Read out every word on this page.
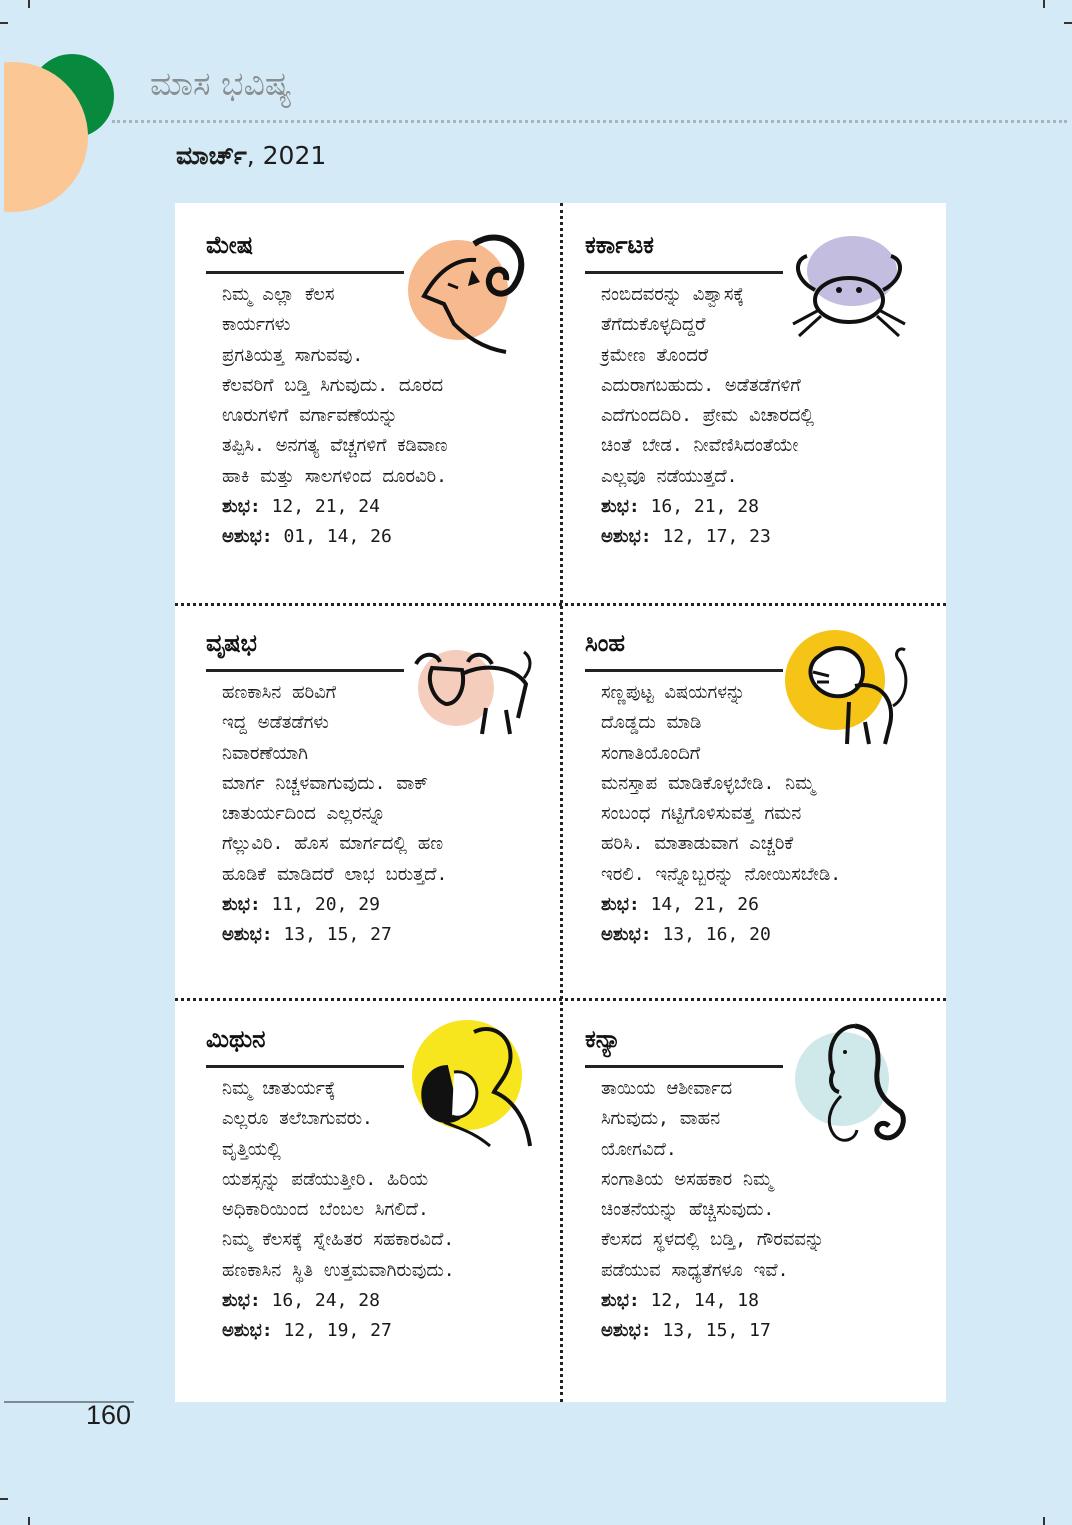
ಮಾಸ ಭವಿಷ್ಯ

ಮಾರ್ಚ್, 2021

ಮೇಷ

ನಿಮ್ಮ ಎಲ್ಲಾ ಕೆಲಸ

ಕಾರ್ಯಗಳು

ಪ್ರಗತಿಯತ್ತ ಸಾಗುವವು.

ಕೆಲವರಿಗೆ ಬಡ್ತಿ ಸಿಗುವುದು. ದೂರದ

ಊರುಗಳಿಗೆ ವರ್ಗಾವಣೆಯನ್ನು

ತಪ್ಪಿಸಿ. ಅನಗತ್ಯ ವೆಚ್ಚಗಳಿಗೆ ಕಡಿವಾಣ

ಹಾಕಿ ಮತ್ತು ಸಾಲಗಳಿಂದ ದೂರವಿರಿ.

ಶುಭ: 12, 21, 24

ಅಶುಭ: 01, 14, 26

ಕರ್ಕಾಟಕ

ನಂಬಿದವರನ್ನು ವಿಶ್ವಾಸಕ್ಕೆ

ತೆಗೆದುಕೊಳ್ಳದಿದ್ದರೆ

ಕ್ರಮೇಣ ತೊಂದರೆ

ಎದುರಾಗಬಹುದು. ಅಡೆತಡೆಗಳಿಗೆ

ಎದೆಗುಂದದಿರಿ. ಪ್ರೇಮ ವಿಚಾರದಲ್ಲಿ

ಚಿಂತೆ ಬೇಡ. ನೀವೆಣಿಸಿದಂತೆಯೇ

ಎಲ್ಲವೂ ನಡೆಯುತ್ತದೆ.

ಶುಭ: 16, 21, 28

ಅಶುಭ: 12, 17, 23

ವೃಷಭ

ಹಣಕಾಸಿನ ಹರಿವಿಗೆ

ಇದ್ದ ಅಡೆತಡೆಗಳು

ನಿವಾರಣೆಯಾಗಿ

ಮಾರ್ಗ ನಿಚ್ಚಳವಾಗುವುದು. ವಾಕ್

ಚಾತುರ್ಯದಿಂದ ಎಲ್ಲರನ್ನೂ

ಗೆಲ್ಲುವಿರಿ. ಹೊಸ ಮಾರ್ಗದಲ್ಲಿ ಹಣ

ಹೂಡಿಕೆ ಮಾಡಿದರೆ ಲಾಭ ಬರುತ್ತದೆ.

ಶುಭ: 11, 20, 29

ಅಶುಭ: 13, 15, 27

ಸಿಂಹ

ಸಣ್ಣಪುಟ್ಟ ವಿಷಯಗಳನ್ನು

ದೊಡ್ಡದು ಮಾಡಿ

ಸಂಗಾತಿಯೊಂದಿಗೆ

ಮನಸ್ತಾಪ ಮಾಡಿಕೊಳ್ಳಬೇಡಿ. ನಿಮ್ಮ

ಸಂಬಂಧ ಗಟ್ಟಿಗೊಳಿಸುವತ್ತ ಗಮನ

ಹರಿಸಿ. ಮಾತಾಡುವಾಗ ಎಚ್ಚರಿಕೆ

ಇರಲಿ. ಇನ್ನೊಬ್ಬರನ್ನು ನೋಯಿಸಬೇಡಿ.

ಶುಭ: 14, 21, 26

ಅಶುಭ: 13, 16, 20

ಮಿಥುನ

ನಿಮ್ಮ ಚಾತುರ್ಯಕ್ಕೆ

ಎಲ್ಲರೂ ತಲೆಬಾಗುವರು.

ವೃತ್ತಿಯಲ್ಲಿ

ಯಶಸ್ಸನ್ನು ಪಡೆಯುತ್ತೀರಿ. ಹಿರಿಯ

ಅಧಿಕಾರಿಯಿಂದ ಬೆಂಬಲ ಸಿಗಲಿದೆ.

ನಿಮ್ಮ ಕೆಲಸಕ್ಕೆ ಸ್ನೇಹಿತರ ಸಹಕಾರವಿದೆ.

ಹಣಕಾಸಿನ ಸ್ಥಿತಿ ಉತ್ತಮವಾಗಿರುವುದು.

ಶುಭ: 16, 24, 28

ಅಶುಭ: 12, 19, 27

ಕನ್ಯಾ

ತಾಯಿಯ ಆಶೀರ್ವಾದ

ಸಿಗುವುದು, ವಾಹನ

ಯೋಗವಿದೆ.

ಸಂಗಾತಿಯ ಅಸಹಕಾರ ನಿಮ್ಮ

ಚಿಂತನೆಯನ್ನು ಹೆಚ್ಚಿಸುವುದು.

ಕೆಲಸದ ಸ್ಥಳದಲ್ಲಿ ಬಡ್ತಿ, ಗೌರವವನ್ನು

ಪಡೆಯುವ ಸಾಧ್ಯತೆಗಳೂ ಇವೆ.

ಶುಭ: 12, 14, 18

ಅಶುಭ: 13, 15, 17

160
